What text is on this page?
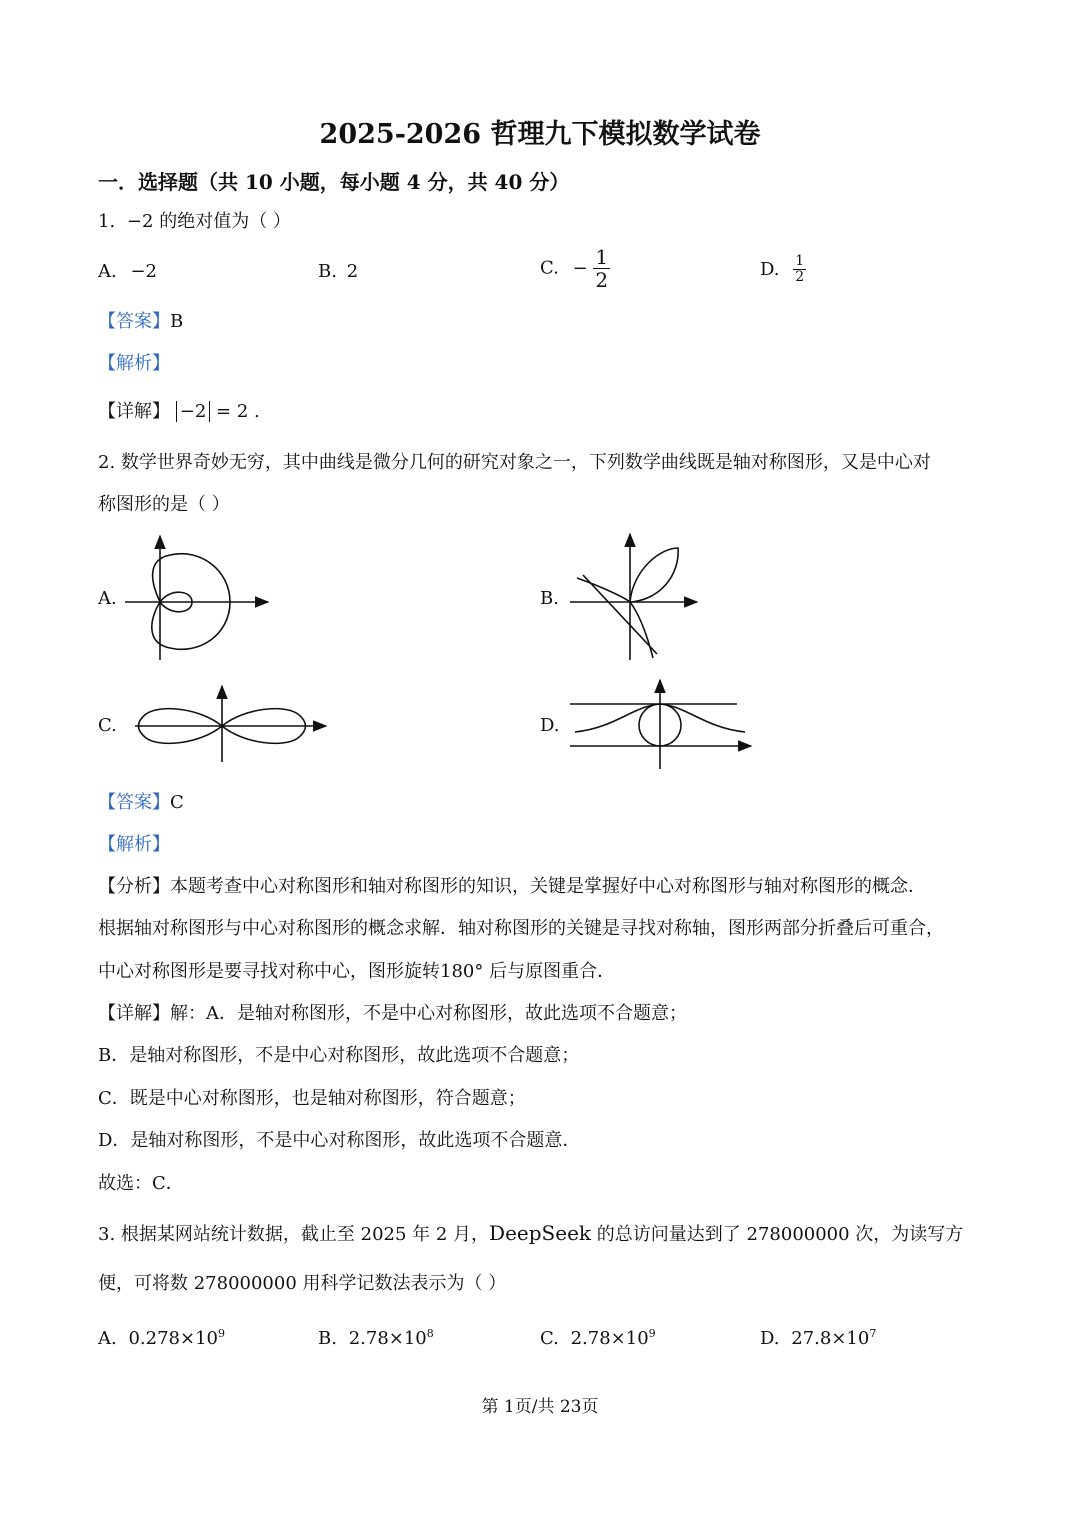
2025-2026 哲理九下模拟数学试卷
一．选择题（共 10 小题，每小题 4 分，共 40 分）
1. −2 的绝对值为（ ）
A. −2	B. 2	C. − $\frac{1}{2}$	D. $\frac{1}{2}$
【答案】B
【解析】
【详解】 −2 = 2 .
2. 数学世界奇妙无穷，其中曲线是微分几何的研究对象之一，下列数学曲线既是轴对称图形，又是中心对
称图形的是（ ）
A.	B.
C.	D.
【答案】C
【解析】
【分析】本题考查中心对称图形和轴对称图形的知识，关键是掌握好中心对称图形与轴对称图形的概念．
根据轴对称图形与中心对称图形的概念求解．轴对称图形的关键是寻找对称轴，图形两部分折叠后可重合，
中心对称图形是要寻找对称中心，图形旋转180° 后与原图重合．
【详解】解：A．是轴对称图形，不是中心对称图形，故此选项不合题意；
B．是轴对称图形，不是中心对称图形，故此选项不合题意；
C．既是中心对称图形，也是轴对称图形，符合题意；
D．是轴对称图形，不是中心对称图形，故此选项不合题意．
故选：C．
3. 根据某网站统计数据，截止至 2025 年 2 月，DeepSeek 的总访问量达到了 278000000 次，为读写方
便，可将数 278000000 用科学记数法表示为（ ）
A. $0.278\times 10^9$	B. $2.78\times 10^8$	C. $2.78\times 10^9$	D. $27.8\times 10^7$
第 1页/共 23页
